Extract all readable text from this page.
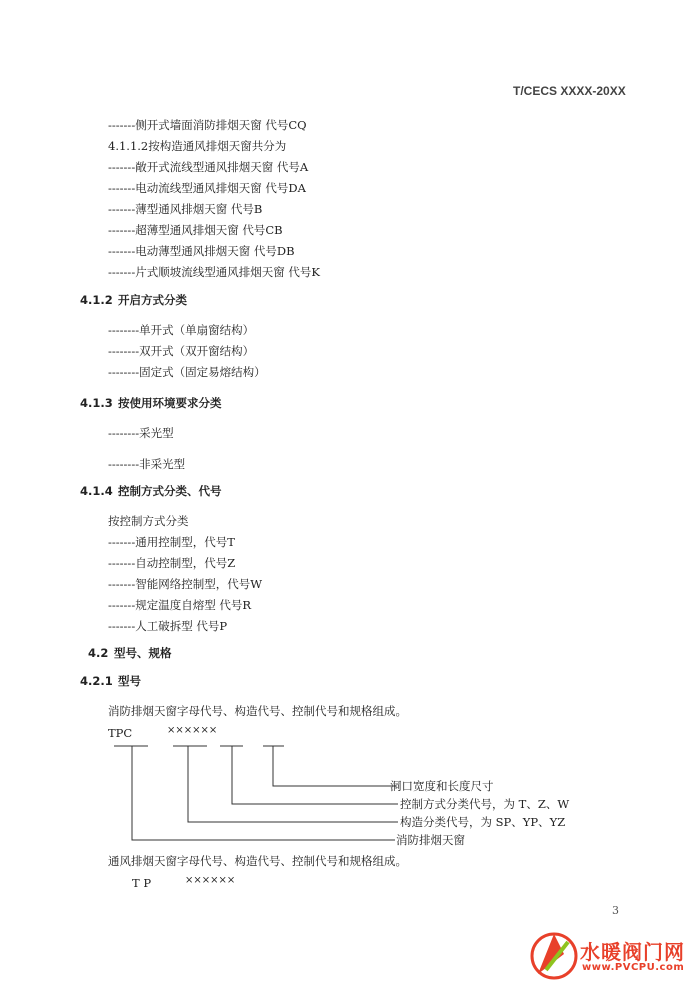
T/CECS XXXX-20XX
-------侧开式墙面消防排烟天窗 代号CQ
4.1.1.2按构造通风排烟天窗共分为
-------敞开式流线型通风排烟天窗 代号A
-------电动流线型通风排烟天窗 代号DA
-------薄型通风排烟天窗 代号B
-------超薄型通风排烟天窗 代号CB
-------电动薄型通风排烟天窗 代号DB
-------片式顺坡流线型通风排烟天窗 代号K
4.1.2 开启方式分类
--------单开式（单扇窗结构）
--------双开式（双开窗结构）
--------固定式（固定易熔结构）
4.1.3 按使用环境要求分类
--------采光型
--------非采光型
4.1.4 控制方式分类、代号
按控制方式分类
-------通用控制型，代号T
-------自动控制型，代号Z
-------智能网络控制型，代号W
-------规定温度自熔型 代号R
-------人工破拆型 代号P
4.2 型号、规格
4.2.1 型号
消防排烟天窗字母代号、构造代号、控制代号和规格组成。
TPC	××××××
洞口宽度和长度尺寸
控制方式分类代号，为 T、Z、W
构造分类代号，为 SP、YP、YZ
消防排烟天窗
通风排烟天窗字母代号、构造代号、控制代号和规格组成。
T P	××××××
3
水暖阀门网
www.PVCPU.com
